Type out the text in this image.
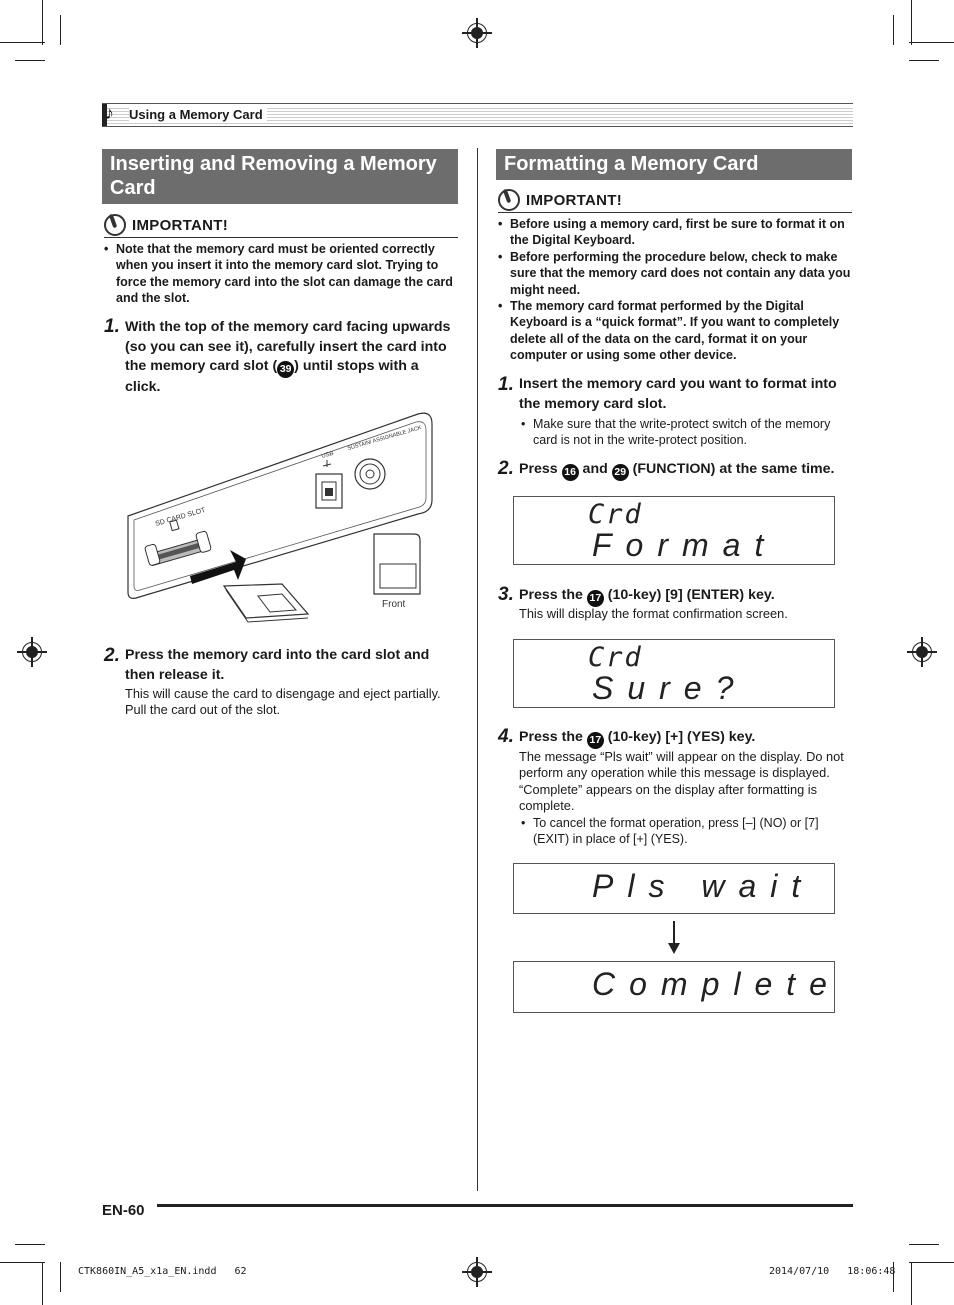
♪ Using a Memory Card
Inserting and Removing a Memory Card
IMPORTANT!
• Note that the memory card must be oriented correctly when you insert it into the memory card slot. Trying to force the memory card into the slot can damage the card and the slot.
1. With the top of the memory card facing upwards (so you can see it), carefully insert the card into the memory card slot ( 39 ) until stops with a click.
SD CARD SLOT
USB
SUSTAIN/ ASSIGNABLE JACK
Front
2. Press the memory card into the card slot and then release it.
This will cause the card to disengage and eject partially. Pull the card out of the slot.
Formatting a Memory Card
IMPORTANT!
• Before using a memory card, first be sure to format it on the Digital Keyboard.
• Before performing the procedure below, check to make sure that the memory card does not contain any data you might need.
• The memory card format performed by the Digital Keyboard is a “quick format”. If you want to completely delete all of the data on the card, format it on your computer or using some other device.
1. Insert the memory card you want to format into the memory card slot.
• Make sure that the write-protect switch of the memory card is not in the write-protect position.
2. Press 16 and 29 (FUNCTION) at the same time.
Crd
Format
3. Press the 17 (10-key) [9] (ENTER) key.
This will display the format confirmation screen.
Crd
Sure?
4. Press the 17 (10-key) [+] (YES) key.
The message “Pls wait” will appear on the display. Do not perform any operation while this message is displayed. “Complete” appears on the display after formatting is complete.
• To cancel the format operation, press [–] (NO) or [7] (EXIT) in place of [+] (YES).
Pls wait
Complete
EN-60
CTK860IN_A5_x1a_EN.indd   62	2014/07/10   18:06:48
